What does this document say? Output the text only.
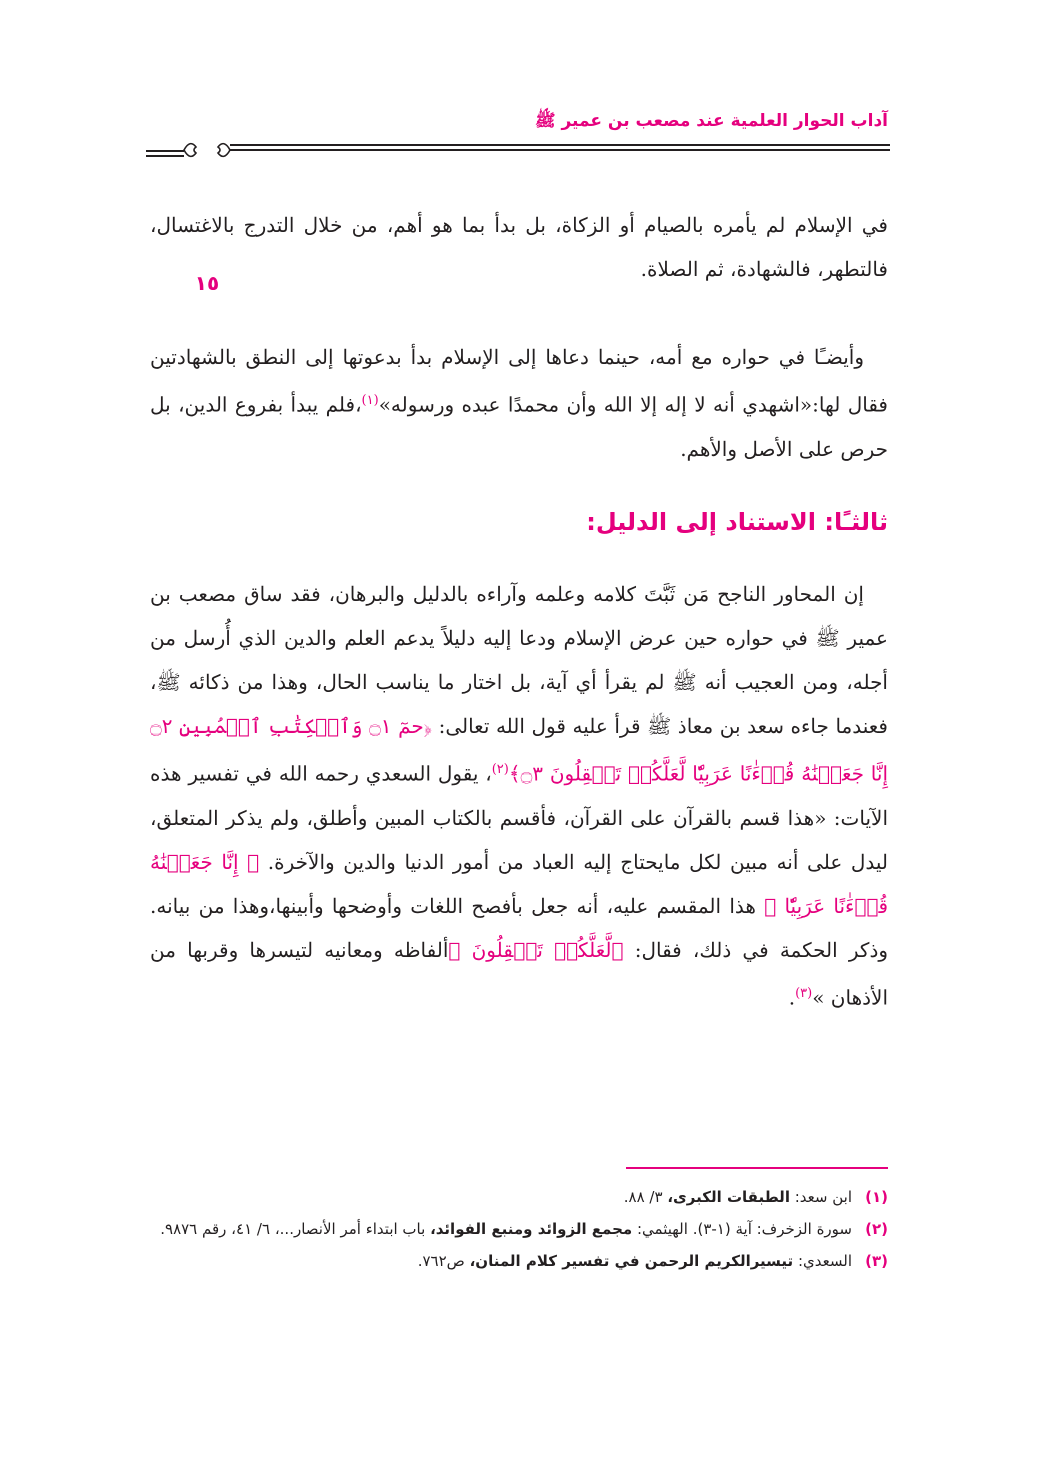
آداب الحوار العلمية عند مصعب بن عمير ﷺ
١٥
في الإسلام لم يأمره بالصيام أو الزكاة، بل بدأ بما هو أهم، من خلال التدرج بالاغتسال، فالتطهر، فالشهادة، ثم الصلاة.
وأيضـًا في حواره مع أمه، حينما دعاها إلى الإسلام بدأ بدعوتها إلى النطق بالشهادتين فقال لها:«اشهدي أنه لا إله إلا الله وأن محمدًا عبده ورسوله»$^{(١)}$،فلم يبدأ بفروع الدين، بل حرص على الأصل والأهم.
ثالثـًا: الاستناد إلى الدليل:
إن المحاور الناجح مَن ثَبَّتَ كلامه وعلمه وآراءه بالدليل والبرهان، فقد ساق مصعب بن عمير ﷺ في حواره حين عرض الإسلام ودعا إليه دليلاً يدعم العلم والدين الذي أُرسل من أجله، ومن العجيب أنه ﷺ لم يقرأ أي آية، بل اختار ما يناسب الحال، وهذا من ذكائه ﷺ، فعندما جاءه سعد بن معاذ ﷺ قرأ عليه قول الله تعالى: ﴿حمٓ ۝١ وَٱلۡكِتَٰبِ ٱلۡمُبِينِ ۝٢ إِنَّا جَعَلۡنَٰهُ قُرۡءَٰنًا عَرَبِيّٗا لَّعَلَّكُمۡ تَعۡقِلُونَ ۝٣﴾$^{(٢)}$، يقول السعدي رحمه الله في تفسير هذه الآيات: «هذا قسم بالقرآن على القرآن، فأقسم بالكتاب المبين وأطلق، ولم يذكر المتعلق، ليدل على أنه مبين لكل مايحتاج إليه العباد من أمور الدنيا والدين والآخرة. ﴿ إِنَّا جَعَلۡنَٰهُ قُرۡءَٰنًا عَرَبِيّٗا ﴾ هذا المقسم عليه، أنه جعل بأفصح اللغات وأوضحها وأبينها،وهذا من بيانه. وذكر الحكمة في ذلك، فقال: ﴿لَّعَلَّكُمۡ تَعۡقِلُونَ ﴾ألفاظه ومعانيه لتيسرها وقربها من الأذهان »$^{(٣)}$.
(١)
ابن سعد: الطبقات الكبرى، ٣/ ٨٨.
(٢)
سورة الزخرف: آية (١-٣). الهيثمي: مجمع الزوائد ومنبع الفوائد، باب ابتداء أمر الأنصار...، ٦/ ٤١، رقم ٩٨٧٦.
(٣)
السعدي: تيسيرالكريم الرحمن في تفسير كلام المنان، ص٧٦٢.
